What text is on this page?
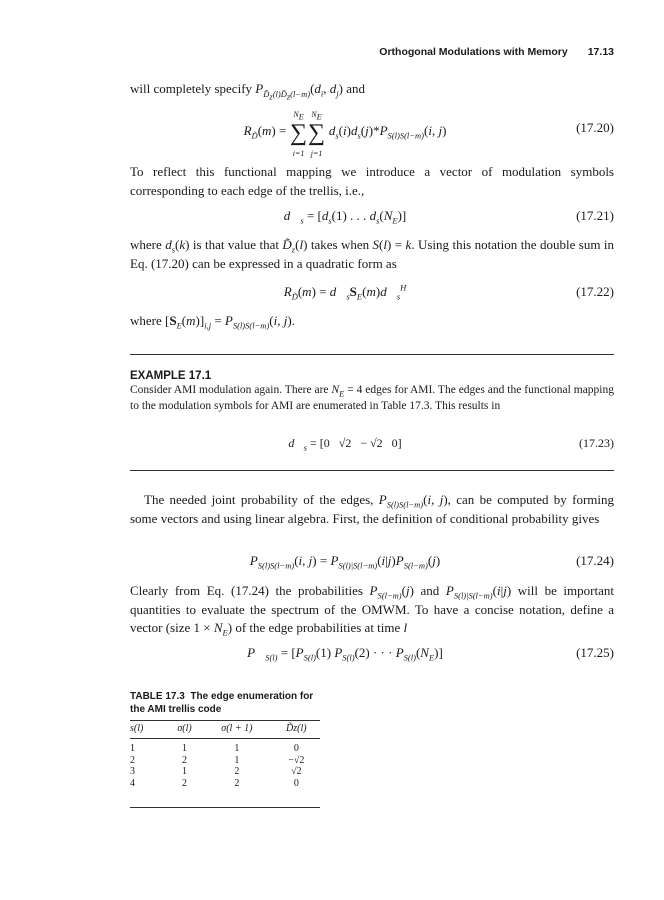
Orthogonal Modulations with Memory 17.13
will completely specify $P_{D̃_z(l)D̃_z(l-m)}(d_i$, $d_j$) and
$R_{D̃}(m)$ =
$N_E$
∑
i=1
$N_E$
∑
j=1
$d_s(i)d_s(j)*P_{S(l)S(l-m)}(i$, j)	(17.20)
To reflect this functional mapping we introduce a vector of modulation symbols corresponding to each edge of the trellis, i.e.,
$d⃗_s = [d_s(1)$ . . . $d_s(N_E)$]	(17.21)
where $d_s(k)$ is that value that $D̃_z(l)$ takes when S(l) = k. Using this notation the double sum in Eq. (17.20) can be expressed in a quadratic form as
$R_{D̃}(m)$ = $d⃗_sS_E(m)d⃗_s^H$	(17.22)
where $[S_E(m)]_{i,j} = P_{S(l)S(l-m)}(i$, j).
EXAMPLE 17.1
Consider AMI modulation again. There are $N_E = 4$ edges for AMI. The edges and the functional mapping to the modulation symbols for AMI are enumerated in Table 17.3. This results in
$d⃗_s = [0$   √2   − √2   0]	(17.23)
The needed joint probability of the edges, $P_{S(l)S(l-m)}(i$, j), can be computed by forming some vectors and using linear algebra. First, the definition of conditional probability gives
$P_{S(l)S(l-m)}(i$, $j) = P_{S(l)|S(l-m)}(i|j)P_{S(l-m)}(j)$	(17.24)
Clearly from Eq. (17.24) the probabilities $P_{S(l-m)}(j)$ and $P_{S(l)|S(l-m)}(i|j)$ will be important quantities to evaluate the spectrum of the OMWM. To have a concise notation, define a vector (size $1 \times N_E$) of the edge probabilities at time l
$P⃗_{S(l)} = [P_{S(l)}(1) P_{S(l)}(2)$ · · · $P_{S(l)}(N_E)$]	(17.25)
TABLE 17.3 The edge enumeration for the AMI trellis code
s(l)	σ(l)	σ(l + 1)	D̃z(l)
1	1	1	0
2	2	1	−√2
3	1	2	√2
4	2	2	0
